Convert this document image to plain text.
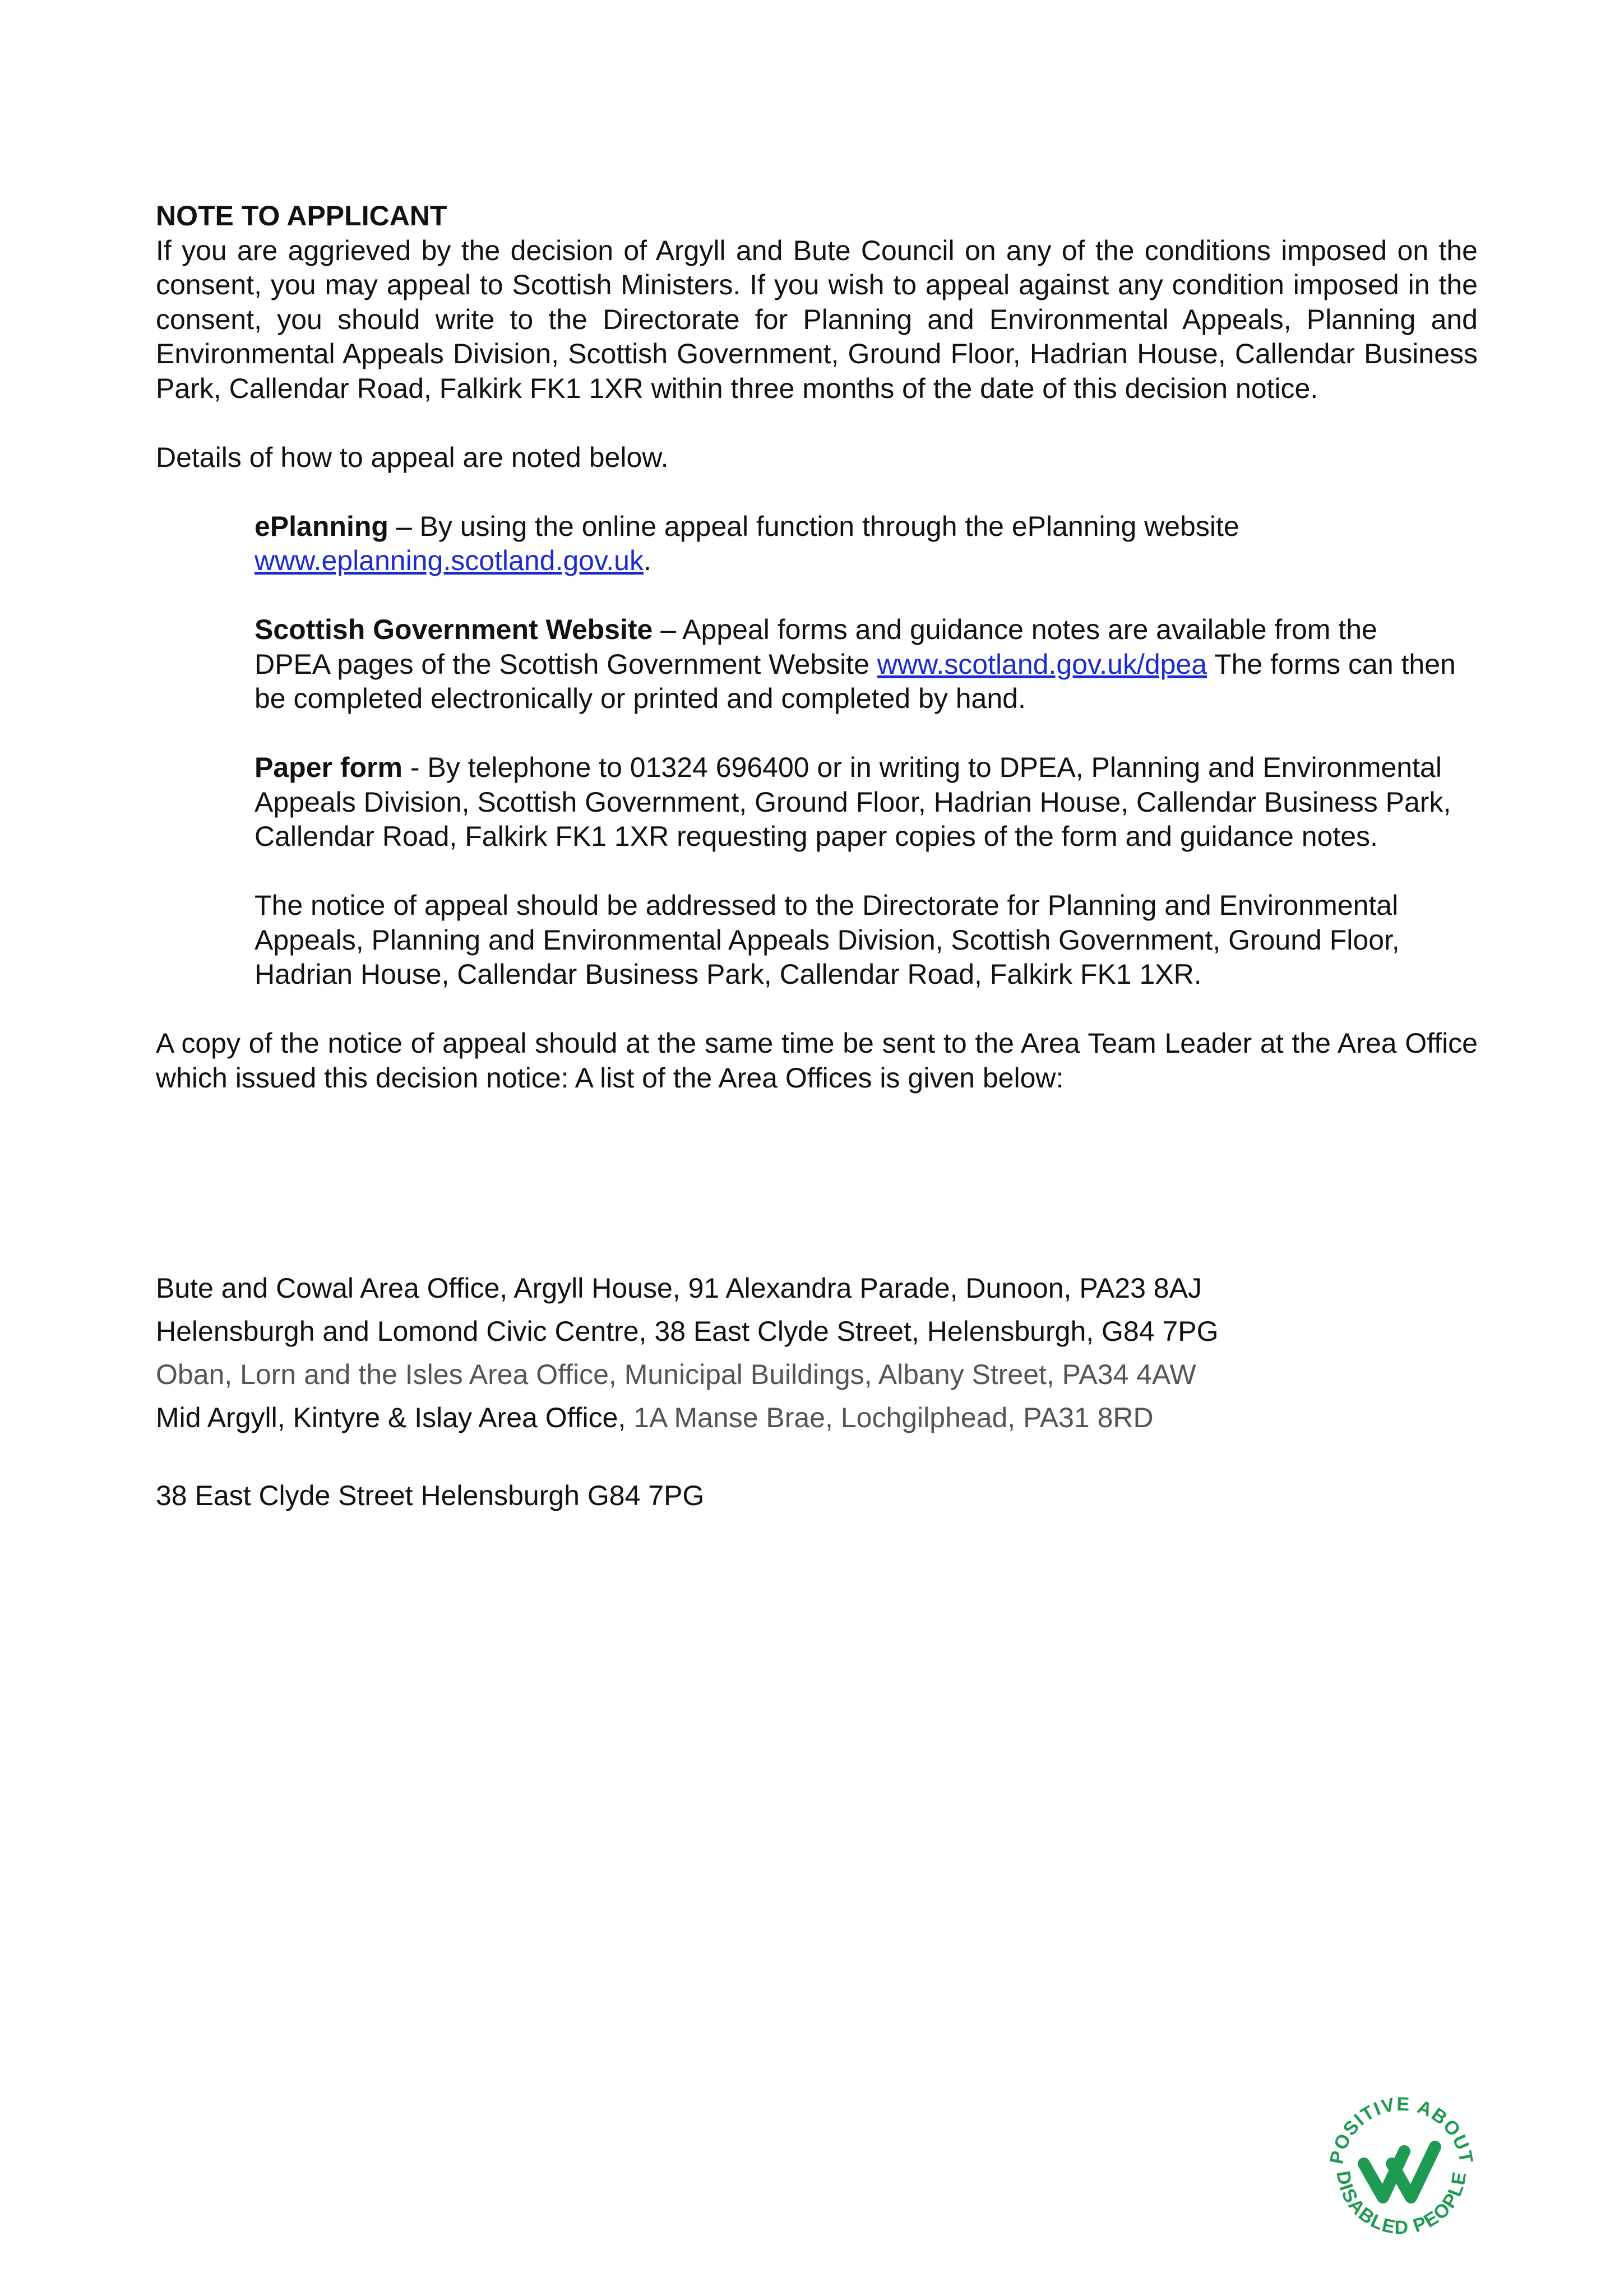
NOTE TO APPLICANT

If you are aggrieved by the decision of Argyll and Bute Council on any of the conditions imposed on the consent, you may appeal to Scottish Ministers. If you wish to appeal against any condition imposed in the consent, you should write to the Directorate for Planning and Environmental Appeals, Planning and Environmental Appeals Division, Scottish Government, Ground Floor, Hadrian House, Callendar Business Park, Callendar Road, Falkirk FK1 1XR within three months of the date of this decision notice.

Details of how to appeal are noted below.

ePlanning – By using the online appeal function through the ePlanning website www.eplanning.scotland.gov.uk.

Scottish Government Website – Appeal forms and guidance notes are available from the DPEA pages of the Scottish Government Website www.scotland.gov.uk/dpea The forms can then be completed electronically or printed and completed by hand.

Paper form - By telephone to 01324 696400 or in writing to DPEA, Planning and Environmental Appeals Division, Scottish Government, Ground Floor, Hadrian House, Callendar Business Park, Callendar Road, Falkirk FK1 1XR requesting paper copies of the form and guidance notes.

The notice of appeal should be addressed to the Directorate for Planning and Environmental Appeals, Planning and Environmental Appeals Division, Scottish Government, Ground Floor, Hadrian House, Callendar Business Park, Callendar Road, Falkirk FK1 1XR.

A copy of the notice of appeal should at the same time be sent to the Area Team Leader at the Area Office which issued this decision notice: A list of the Area Offices is given below:

Bute and Cowal Area Office, Argyll House, 91 Alexandra Parade, Dunoon, PA23 8AJ

Helensburgh and Lomond Civic Centre, 38 East Clyde Street, Helensburgh, G84 7PG

Oban, Lorn and the Isles Area Office, Municipal Buildings, Albany Street, PA34 4AW

Mid Argyll, Kintyre & Islay Area Office, 1A Manse Brae, Lochgilphead, PA31 8RD

38 East Clyde Street Helensburgh G84 7PG

POSITIVE ABOUT
DISABLED PEOPLE
